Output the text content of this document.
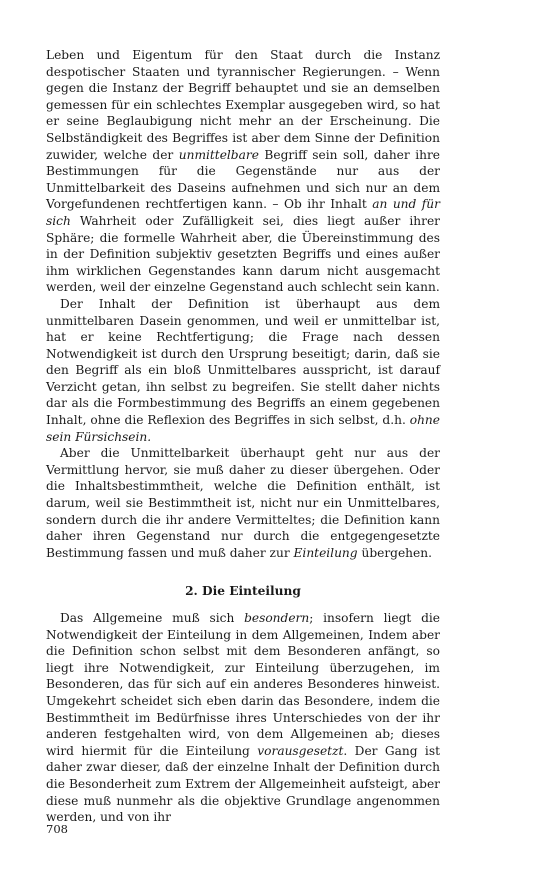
Leben und Eigentum für den Staat durch die Instanz despotischer Staaten und tyrannischer Regierungen. – Wenn gegen die Instanz der Begriff behauptet und sie an demselben gemessen für ein schlechtes Exemplar ausgegeben wird, so hat er seine Beglaubigung nicht mehr an der Erscheinung. Die Selbständigkeit des Begriffes ist aber dem Sinne der Definition zuwider, welche der unmittelbare Begriff sein soll, daher ihre Bestimmungen für die Gegenstände nur aus der Unmittelbarkeit des Daseins aufnehmen und sich nur an dem Vorgefundenen rechtfertigen kann. – Ob ihr Inhalt an und für sich Wahrheit oder Zufälligkeit sei, dies liegt außer ihrer Sphäre; die formelle Wahrheit aber, die Übereinstimmung des in der Definition subjektiv gesetzten Begriffs und eines außer ihm wirklichen Gegenstandes kann darum nicht ausgemacht werden, weil der einzelne Gegenstand auch schlecht sein kann.

Der Inhalt der Definition ist überhaupt aus dem unmittelbaren Dasein genommen, und weil er unmittelbar ist, hat er keine Rechtfertigung; die Frage nach dessen Notwendigkeit ist durch den Ursprung beseitigt; darin, daß sie den Begriff als ein bloß Unmittelbares ausspricht, ist darauf Verzicht getan, ihn selbst zu begreifen. Sie stellt daher nichts dar als die Formbestimmung des Begriffs an einem gegebenen Inhalt, ohne die Reflexion des Begriffes in sich selbst, d.h. ohne sein Fürsichsein.

Aber die Unmittelbarkeit überhaupt geht nur aus der Vermittlung hervor, sie muß daher zu dieser übergehen. Oder die Inhaltsbestimmtheit, welche die Definition enthält, ist darum, weil sie Bestimmtheit ist, nicht nur ein Unmittelbares, sondern durch die ihr andere Vermitteltes; die Definition kann daher ihren Gegenstand nur durch die entgegengesetzte Bestimmung fassen und muß daher zur Einteilung übergehen.

2. Die Einteilung

Das Allgemeine muß sich besondern; insofern liegt die Notwendigkeit der Einteilung in dem Allgemeinen, Indem aber die Definition schon selbst mit dem Besonderen anfängt, so liegt ihre Notwendigkeit, zur Einteilung überzugehen, im Besonderen, das für sich auf ein anderes Besonderes hinweist. Umgekehrt scheidet sich eben darin das Besondere, indem die Bestimmtheit im Bedürfnisse ihres Unterschiedes von der ihr anderen festgehalten wird, von dem Allgemeinen ab; dieses wird hiermit für die Einteilung vorausgesetzt. Der Gang ist daher zwar dieser, daß der einzelne Inhalt der Definition durch die Besonderheit zum Extrem der Allgemeinheit aufsteigt, aber diese muß nunmehr als die objektive Grundlage angenommen werden, und von ihr

708
